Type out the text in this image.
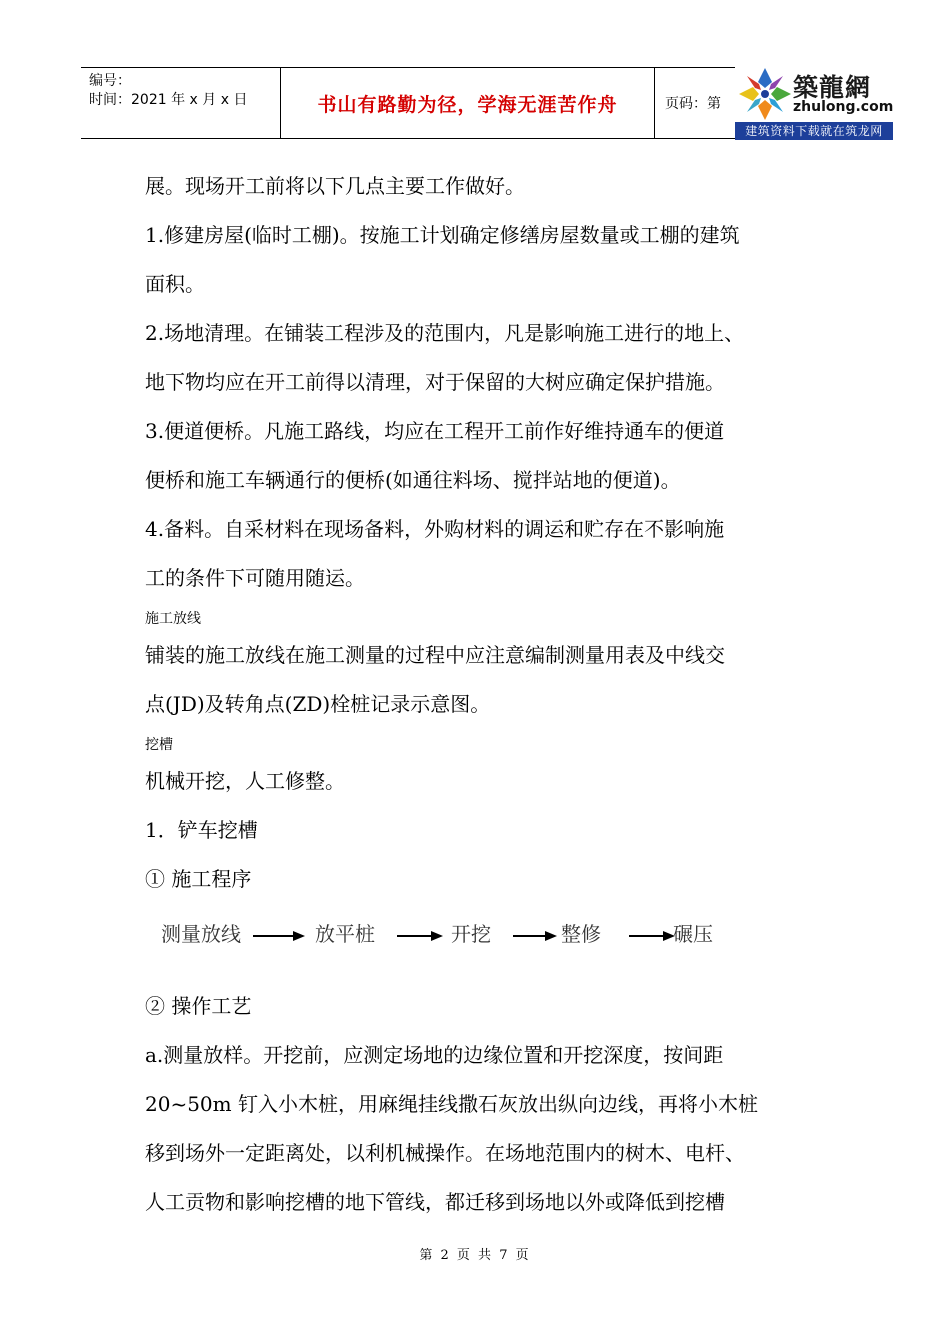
编号：
时间：2021 年 x 月 x 日	书山有路勤为径，学海无涯苦作舟	页码：第
築龍網
zhulong.com
建筑资料下载就在筑龙网

展。现场开工前将以下几点主要工作做好。

1.修建房屋(临时工棚)。按施工计划确定修缮房屋数量或工棚的建筑

面积。

2.场地清理。在铺装工程涉及的范围内，凡是影响施工进行的地上、

地下物均应在开工前得以清理，对于保留的大树应确定保护措施。

3.便道便桥。凡施工路线，均应在工程开工前作好维持通车的便道

便桥和施工车辆通行的便桥(如通往料场、搅拌站地的便道)。

4.备料。自采材料在现场备料，外购材料的调运和贮存在不影响施

工的条件下可随用随运。

施工放线

铺装的施工放线在施工测量的过程中应注意编制测量用表及中线交

点(JD)及转角点(ZD)栓桩记录示意图。

挖槽

机械开挖，人工修整。

1．铲车挖槽

① 施工程序

测量放线	放平桩	开挖	整修	碾压

② 操作工艺

a.测量放样。开挖前，应测定场地的边缘位置和开挖深度，按间距

20~50m 钉入小木桩，用麻绳挂线撒石灰放出纵向边线，再将小木桩

移到场外一定距离处，以利机械操作。在场地范围内的树木、电杆、

人工贡物和影响挖槽的地下管线，都迁移到场地以外或降低到挖槽

第 2 页 共 7 页
